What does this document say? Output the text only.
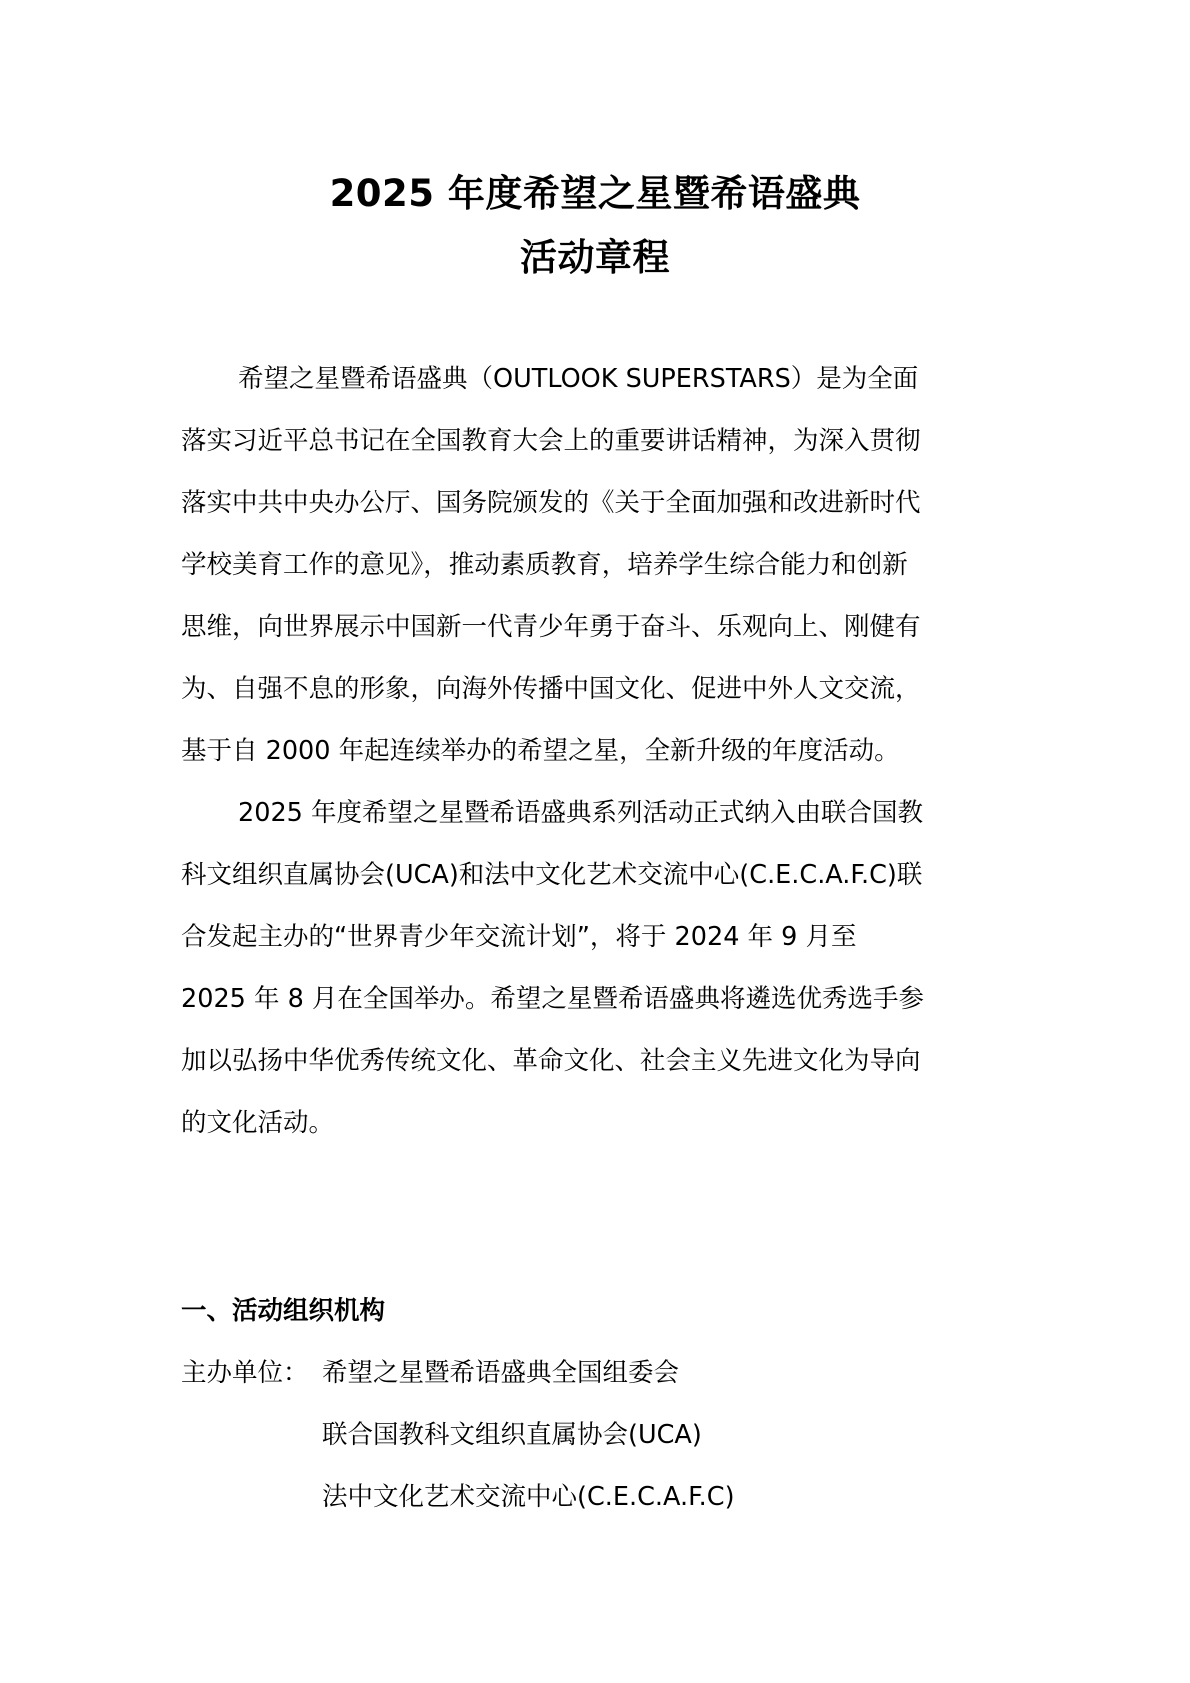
2025 年度希望之星暨希语盛典
活动章程
希望之星暨希语盛典（OUTLOOK SUPERSTARS）是为全面
落实习近平总书记在全国教育大会上的重要讲话精神，为深入贯彻
落实中共中央办公厅、国务院颁发的《关于全面加强和改进新时代
学校美育工作的意见》，推动素质教育，培养学生综合能力和创新
思维，向世界展示中国新一代青少年勇于奋斗、乐观向上、刚健有
为、自强不息的形象，向海外传播中国文化、促进中外人文交流，
基于自 2000 年起连续举办的希望之星，全新升级的年度活动。
2025 年度希望之星暨希语盛典系列活动正式纳入由联合国教
科文组织直属协会(UCA)和法中文化艺术交流中心(C.E.C.A.F.C)联
合发起主办的“世界青少年交流计划”，将于 2024 年 9 月至
2025 年 8 月在全国举办。希望之星暨希语盛典将遴选优秀选手参
加以弘扬中华优秀传统文化、革命文化、社会主义先进文化为导向
的文化活动。
一、活动组织机构
主办单位： 希望之星暨希语盛典全国组委会
联合国教科文组织直属协会(UCA)
法中文化艺术交流中心(C.E.C.A.F.C)
